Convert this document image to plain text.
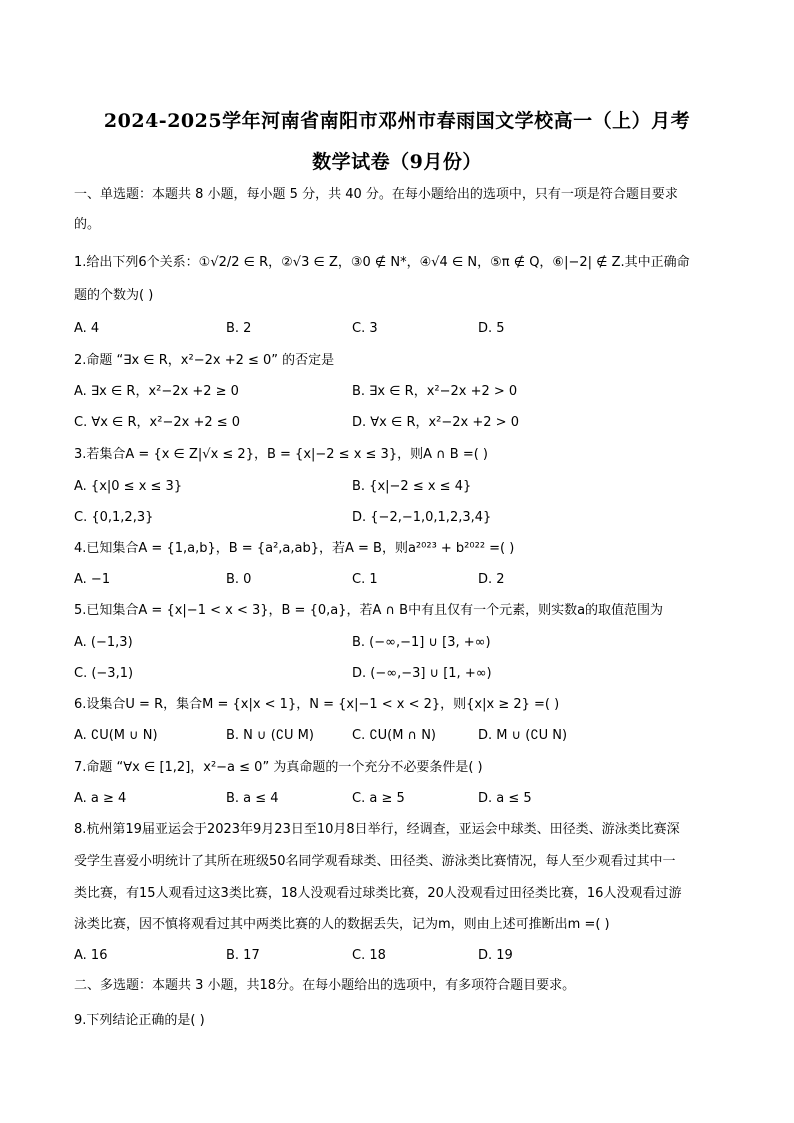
2024-2025学年河南省南阳市邓州市春雨国文学校高一（上）月考
数学试卷（9月份）
一、单选题：本题共 8 小题，每小题 5 分，共 40 分。在每小题给出的选项中，只有一项是符合题目要求
的。
1.给出下列6个关系：①√2/2 ∈ R，②√3 ∈ Z，③0 ∉ N*，④√4 ∈ N，⑤π ∉ Q，⑥|−2| ∉ Z.其中正确命
题的个数为( )
A. 4	B. 2	C. 3	D. 5
2.命题 “∃x ∈ R，x²−2x +2 ≤ 0” 的否定是
A. ∃x ∈ R，x²−2x +2 ≥ 0	B. ∃x ∈ R，x²−2x +2 > 0
C. ∀x ∈ R，x²−2x +2 ≤ 0	D. ∀x ∈ R，x²−2x +2 > 0
3.若集合A = {x ∈ Z|√x ≤ 2}，B = {x|−2 ≤ x ≤ 3}，则A ∩ B =( )
A. {x|0 ≤ x ≤ 3}	B. {x|−2 ≤ x ≤ 4}
C. {0,1,2,3}	D. {−2,−1,0,1,2,3,4}
4.已知集合A = {1,a,b}，B = {a²,a,ab}，若A = B，则a²⁰²³ + b²⁰²² =( )
A. −1	B. 0	C. 1	D. 2
5.已知集合A = {x|−1 < x < 3}，B = {0,a}，若A ∩ B中有且仅有一个元素，则实数a的取值范围为
A. (−1,3)	B. (−∞,−1] ∪ [3, +∞)
C. (−3,1)	D. (−∞,−3] ∪ [1, +∞)
6.设集合U = R，集合M = {x|x < 1}，N = {x|−1 < x < 2}，则{x|x ≥ 2} =( )
A. ∁U(M ∪ N)	B. N ∪ (∁U M)	C. ∁U(M ∩ N)	D. M ∪ (∁U N)
7.命题 “∀x ∈ [1,2]，x²−a ≤ 0” 为真命题的一个充分不必要条件是( )
A. a ≥ 4	B. a ≤ 4	C. a ≥ 5	D. a ≤ 5
8.杭州第19届亚运会于2023年9月23日至10月8日举行，经调查，亚运会中球类、田径类、游泳类比赛深
受学生喜爱小明统计了其所在班级50名同学观看球类、田径类、游泳类比赛情况，每人至少观看过其中一
类比赛，有15人观看过这3类比赛，18人没观看过球类比赛，20人没观看过田径类比赛，16人没观看过游
泳类比赛，因不慎将观看过其中两类比赛的人的数据丢失，记为m，则由上述可推断出m =( )
A. 16	B. 17	C. 18	D. 19
二、多选题：本题共 3 小题，共18分。在每小题给出的选项中，有多项符合题目要求。
9.下列结论正确的是( )
